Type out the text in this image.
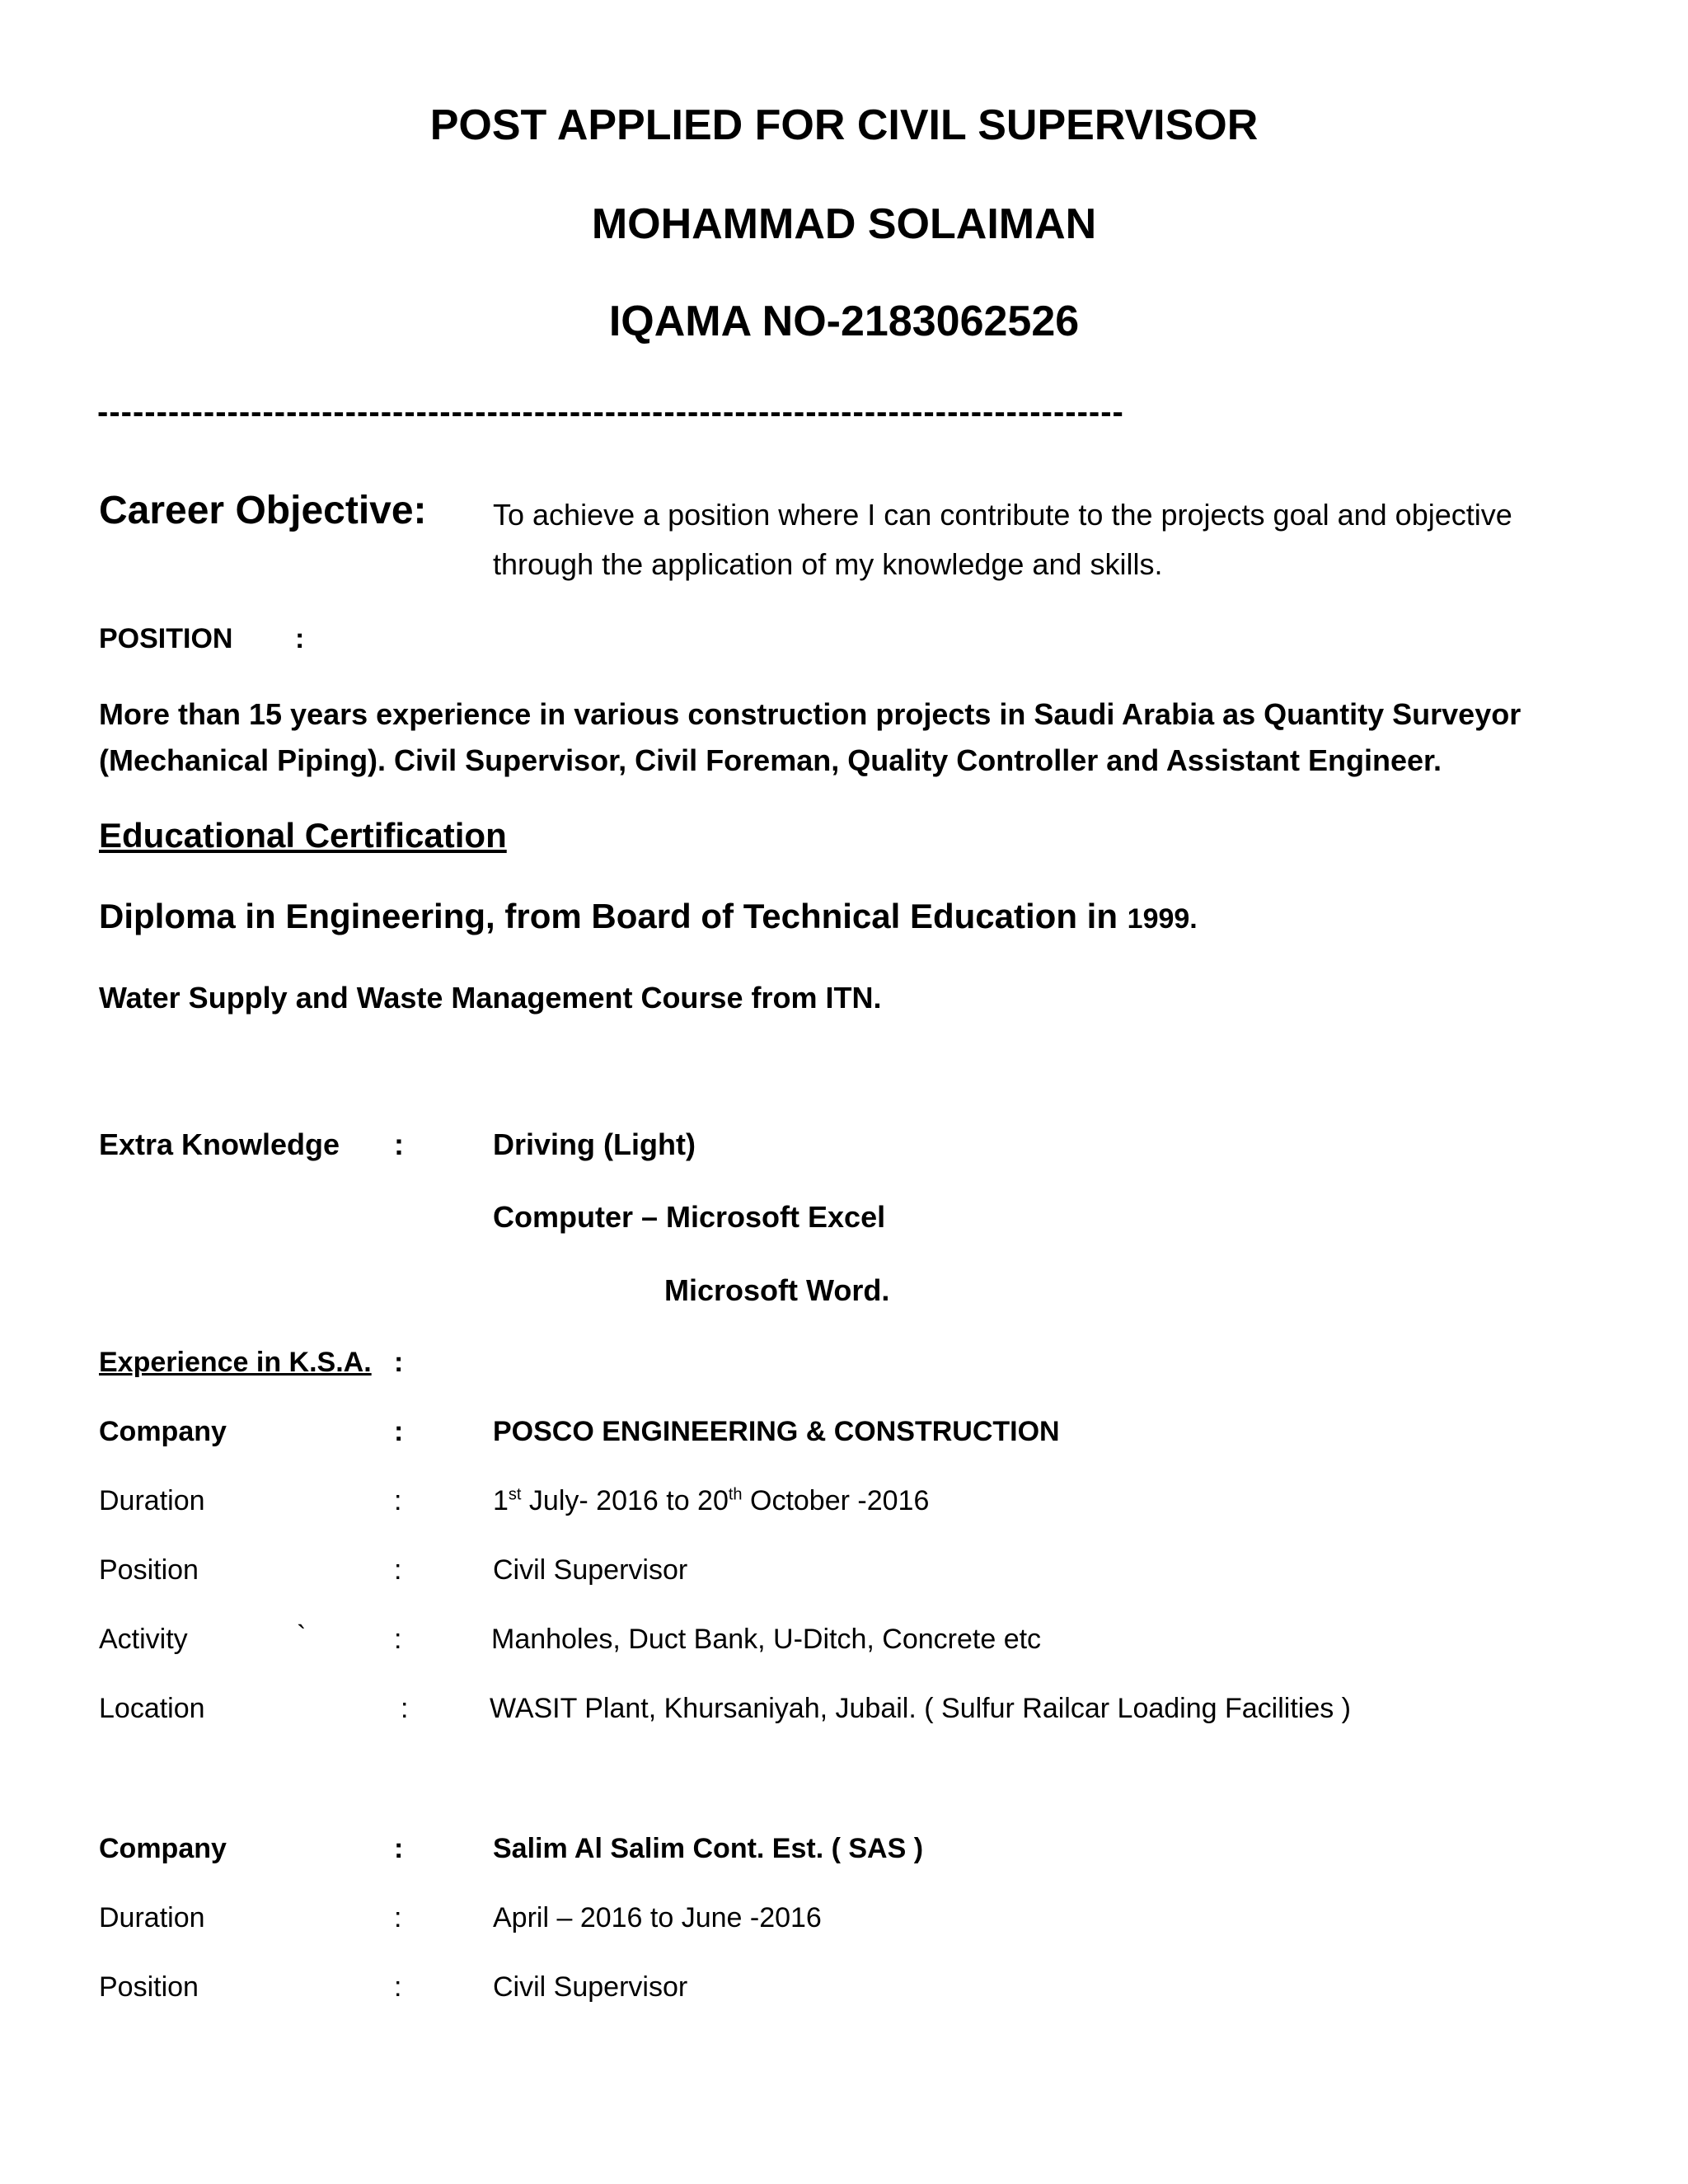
POST APPLIED FOR CIVIL SUPERVISOR
MOHAMMAD SOLAIMAN
IQAMA NO-2183062526
---------------------------------------------------------------------------------------
Career Objective: To achieve a position where I can contribute to the projects goal and objective
through the application of my knowledge and skills.
POSITION :
More than 15 years experience in various construction projects in Saudi Arabia as Quantity Surveyor
(Mechanical Piping). Civil Supervisor, Civil Foreman, Quality Controller and Assistant Engineer.
Educational Certification
Diploma in Engineering, from Board of Technical Education in 1999.
Water Supply and Waste Management Course from ITN.
Extra Knowledge :	Driving (Light)
Computer – Microsoft Excel
Microsoft Word.
Experience in K.S.A. :
Company	:	POSCO ENGINEERING & CONSTRUCTION
Duration	:	1st July- 2016 to 20th October -2016
Position	:	Civil Supervisor
Activity	`	:	Manholes, Duct Bank, U-Ditch, Concrete etc
Location	:	WASIT Plant, Khursaniyah, Jubail. ( Sulfur Railcar Loading Facilities )
Company	:	Salim Al Salim Cont. Est. ( SAS )
Duration	:	April – 2016 to June -2016
Position	:	Civil Supervisor
